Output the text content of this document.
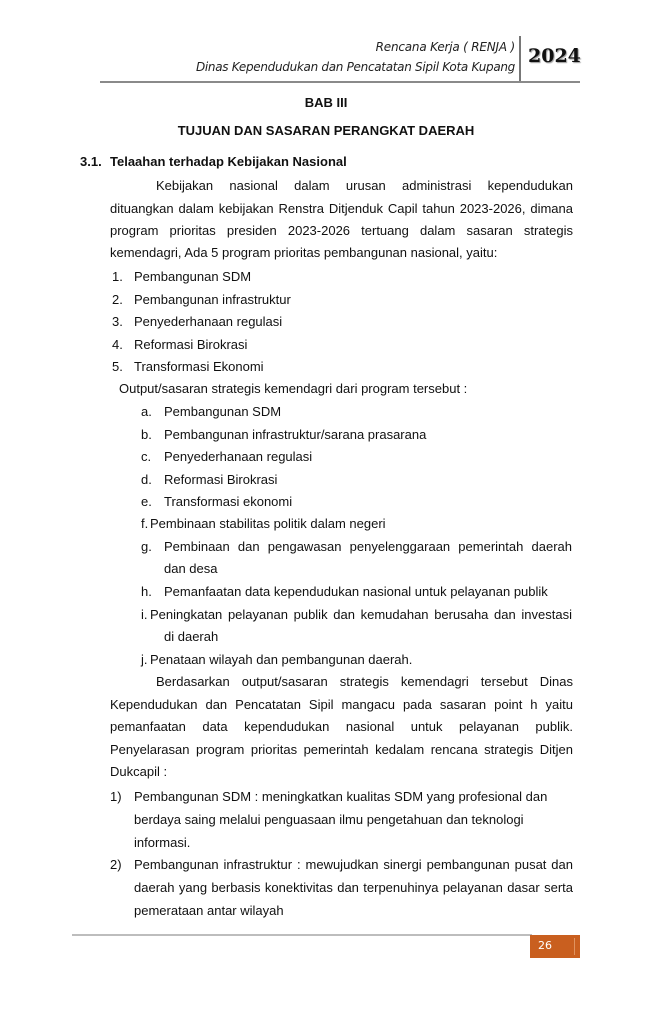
Rencana Kerja ( RENJA )
Dinas Kependudukan dan Pencatatan Sipil Kota Kupang 2024
BAB III
TUJUAN DAN SASARAN PERANGKAT DAERAH
3.1. Telaahan terhadap Kebijakan Nasional
Kebijakan nasional dalam urusan administrasi kependudukan
dituangkan dalam kebijakan Renstra Ditjenduk Capil tahun 2023-2026, dimana
program prioritas presiden 2023-2026 tertuang dalam sasaran strategis
kemendagri, Ada 5 program prioritas pembangunan nasional, yaitu:
1. Pembangunan SDM
2. Pembangunan infrastruktur
3. Penyederhanaan regulasi
4. Reformasi Birokrasi
5. Transformasi Ekonomi
Output/sasaran strategis kemendagri dari program tersebut :
a. Pembangunan SDM
b. Pembangunan infrastruktur/sarana prasarana
c. Penyederhanaan regulasi
d. Reformasi Birokrasi
e. Transformasi ekonomi
f. Pembinaan stabilitas politik dalam negeri
g. Pembinaan dan pengawasan penyelenggaraan pemerintah daerah
dan desa
h. Pemanfaatan data kependudukan nasional untuk pelayanan publik
i. Peningkatan pelayanan publik dan kemudahan berusaha dan investasi
di daerah
j. Penataan wilayah dan pembangunan daerah.
Berdasarkan output/sasaran strategis kemendagri tersebut Dinas
Kependudukan dan Pencatatan Sipil mangacu pada sasaran point h yaitu
pemanfaatan data kependudukan nasional untuk pelayanan publik.
Penyelarasan program prioritas pemerintah kedalam rencana strategis Ditjen
Dukcapil :
1) Pembangunan SDM : meningkatkan kualitas SDM yang profesional dan
berdaya saing melalui penguasaan ilmu pengetahuan dan teknologi
informasi.
2) Pembangunan infrastruktur : mewujudkan sinergi pembangunan pusat dan
daerah yang berbasis konektivitas dan terpenuhinya pelayanan dasar serta
pemerataan antar wilayah
26
